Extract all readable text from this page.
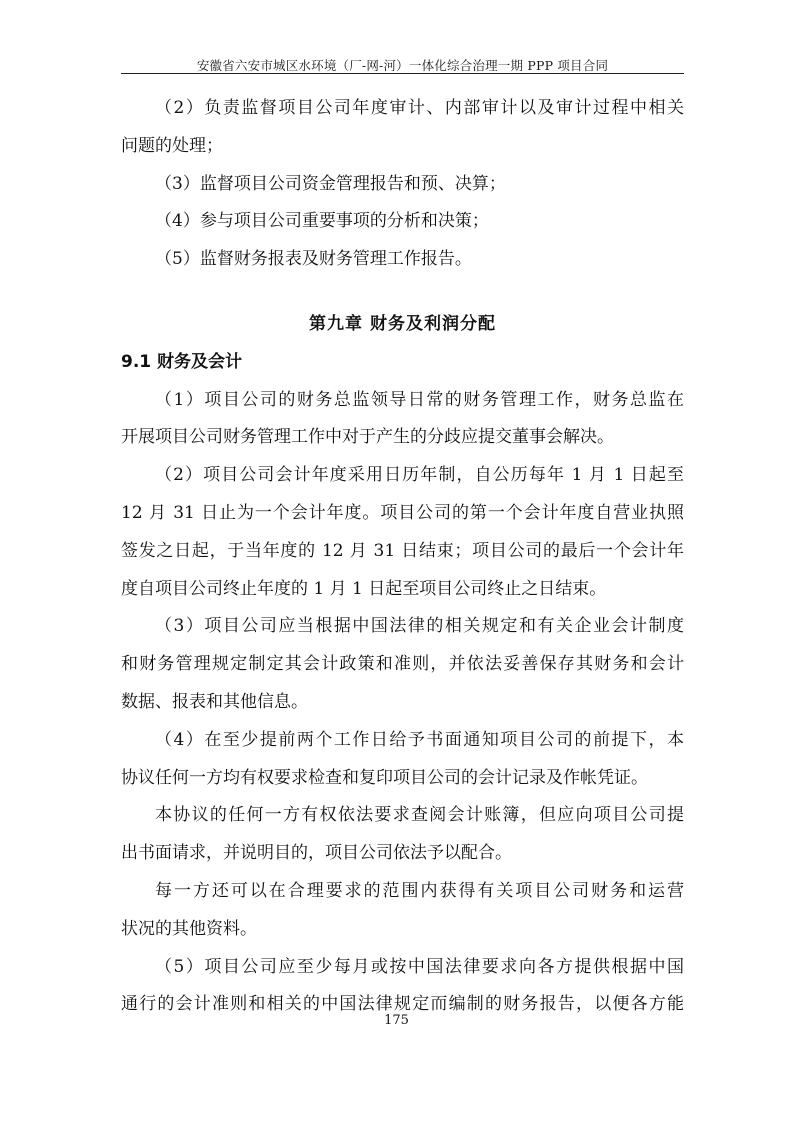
安徽省六安市城区水环境（厂-网-河）一体化综合治理一期 PPP 项目合同
（2）负责监督项目公司年度审计、内部审计以及审计过程中相关
问题的处理；
（3）监督项目公司资金管理报告和预、决算；
（4）参与项目公司重要事项的分析和决策；
（5）监督财务报表及财务管理工作报告。
第九章 财务及利润分配
9.1 财务及会计
（1）项目公司的财务总监领导日常的财务管理工作，财务总监在
开展项目公司财务管理工作中对于产生的分歧应提交董事会解决。
（2）项目公司会计年度采用日历年制，自公历每年 1 月 1 日起至
12 月 31 日止为一个会计年度。项目公司的第一个会计年度自营业执照
签发之日起，于当年度的 12 月 31 日结束；项目公司的最后一个会计年
度自项目公司终止年度的 1 月 1 日起至项目公司终止之日结束。
（3）项目公司应当根据中国法律的相关规定和有关企业会计制度
和财务管理规定制定其会计政策和准则，并依法妥善保存其财务和会计
数据、报表和其他信息。
（4）在至少提前两个工作日给予书面通知项目公司的前提下，本
协议任何一方均有权要求检查和复印项目公司的会计记录及作帐凭证。
本协议的任何一方有权依法要求查阅会计账簿，但应向项目公司提
出书面请求，并说明目的，项目公司依法予以配合。
每一方还可以在合理要求的范围内获得有关项目公司财务和运营
状况的其他资料。
（5）项目公司应至少每月或按中国法律要求向各方提供根据中国
通行的会计准则和相关的中国法律规定而编制的财务报告，以便各方能
175
